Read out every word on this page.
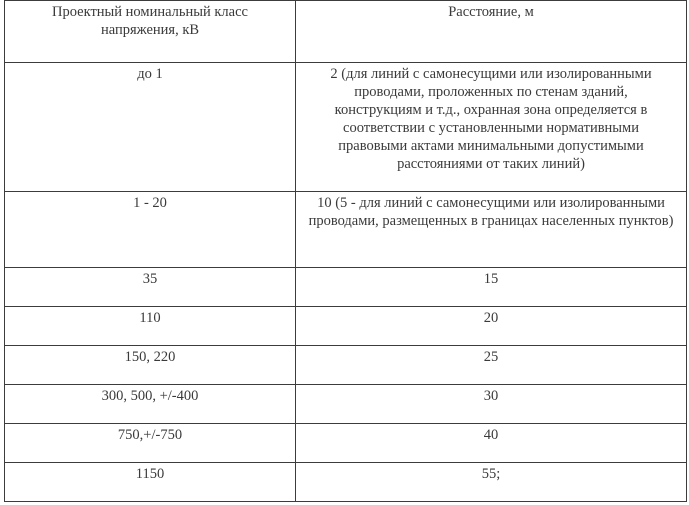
Проектный номинальный класс напряжения, кВ	Расстояние, м
до 1	2 (для линий с самонесущими или изолированными проводами, проложенных по стенам зданий, конструкциям и т.д., охранная зона определяется в соответствии с установленными нормативными правовыми актами минимальными допустимыми расстояниями от таких линий)
1 - 20	10 (5 - для линий с самонесущими или изолированными проводами, размещенных в границах населенных пунктов)
35	15
110	20
150, 220	25
300, 500, +/-400	30
750,+/-750	40
1150	55;
